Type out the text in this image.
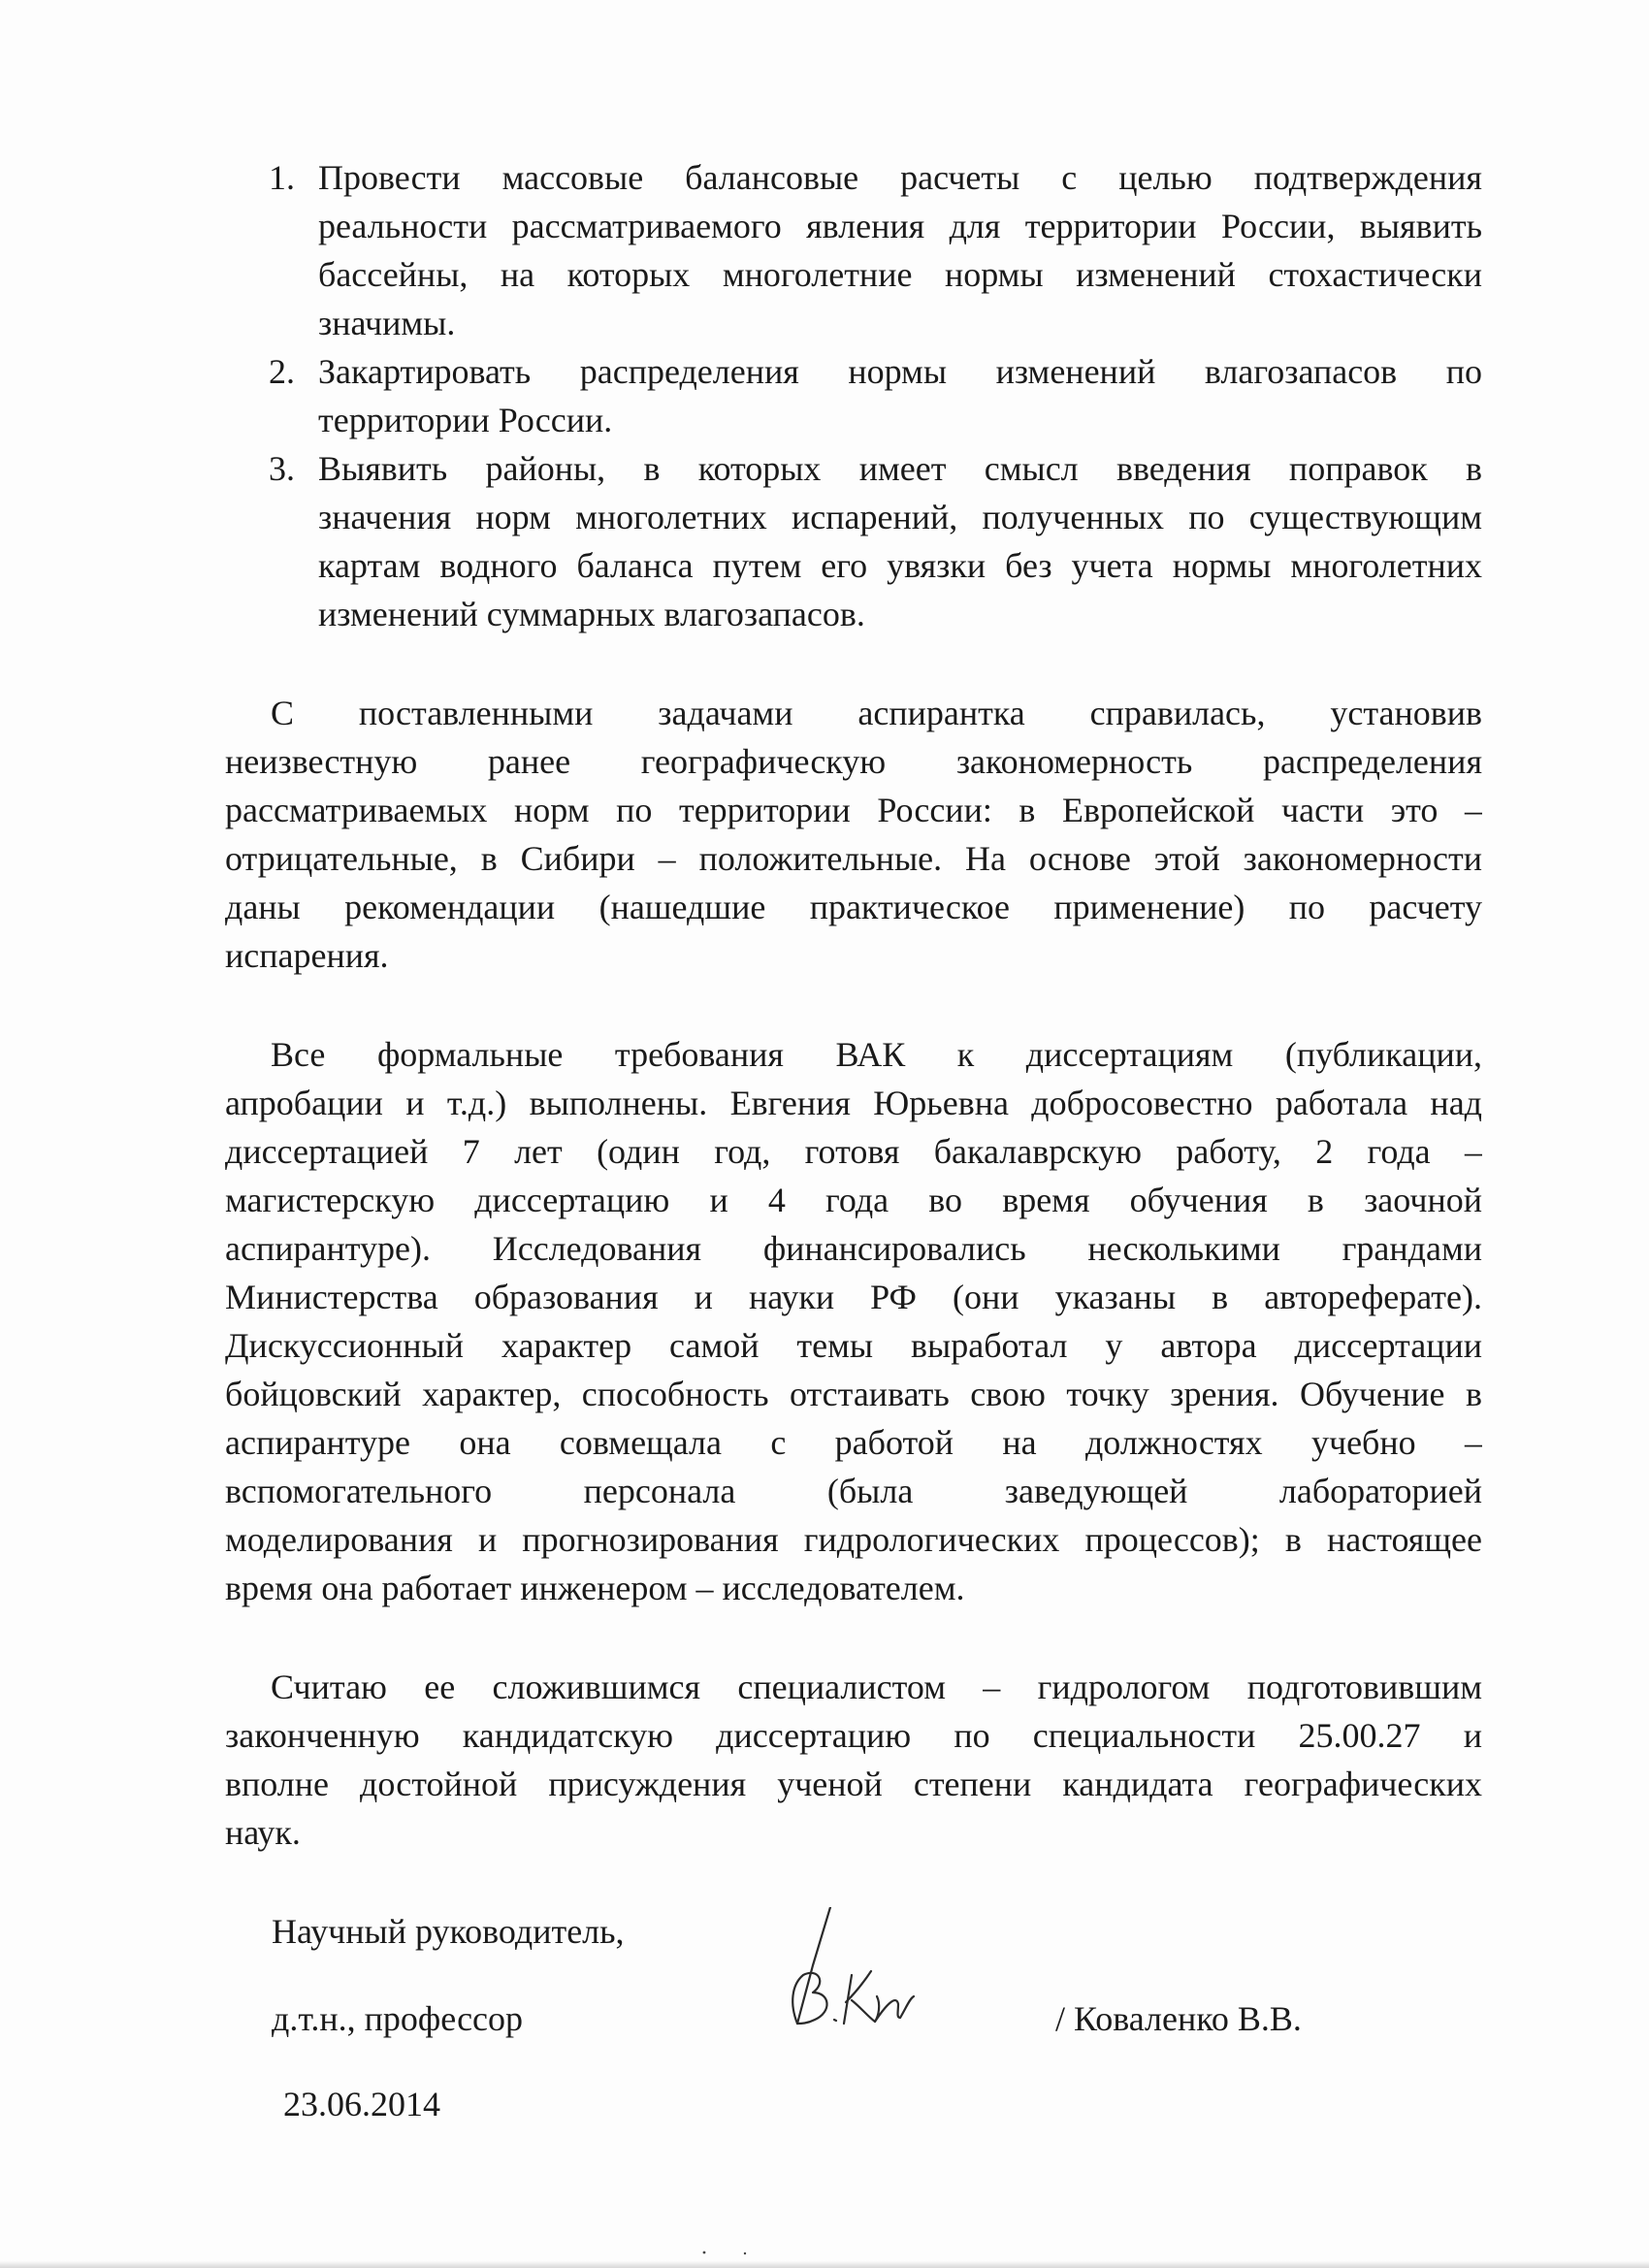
1. Провести массовые балансовые расчеты с целью подтверждения
реальности рассматриваемого явления для территории России, выявить
бассейны, на которых многолетние нормы изменений стохастически
значимы.
2. Закартировать распределения нормы изменений влагозапасов по
территории России.
3. Выявить районы, в которых имеет смысл введения поправок в
значения норм многолетних испарений, полученных по существующим
картам водного баланса путем его увязки без учета нормы многолетних
изменений суммарных влагозапасов.
С поставленными задачами аспирантка справилась, установив
неизвестную ранее географическую закономерность распределения
рассматриваемых норм по территории России: в Европейской части это –
отрицательные, в Сибири – положительные. На основе этой закономерности
даны рекомендации (нашедшие практическое применение) по расчету
испарения.
Все формальные требования ВАК к диссертациям (публикации,
апробации и т.д.) выполнены. Евгения Юрьевна добросовестно работала над
диссертацией 7 лет (один год, готовя бакалаврскую работу, 2 года –
магистерскую диссертацию и 4 года во время обучения в заочной
аспирантуре). Исследования финансировались несколькими грандами
Министерства образования и науки РФ (они указаны в автореферате).
Дискуссионный характер самой темы выработал у автора диссертации
бойцовский характер, способность отстаивать свою точку зрения. Обучение в
аспирантуре она совмещала с работой на должностях учебно –
вспомогательного персонала (была заведующей лабораторией
моделирования и прогнозирования гидрологических процессов); в настоящее
время она работает инженером – исследователем.
Считаю ее сложившимся специалистом – гидрологом подготовившим
законченную кандидатскую диссертацию по специальности 25.00.27 и
вполне достойной присуждения ученой степени кандидата географических
наук.
Научный руководитель,
д.т.н., профессор	/ Коваленко В.В.
23.06.2014
